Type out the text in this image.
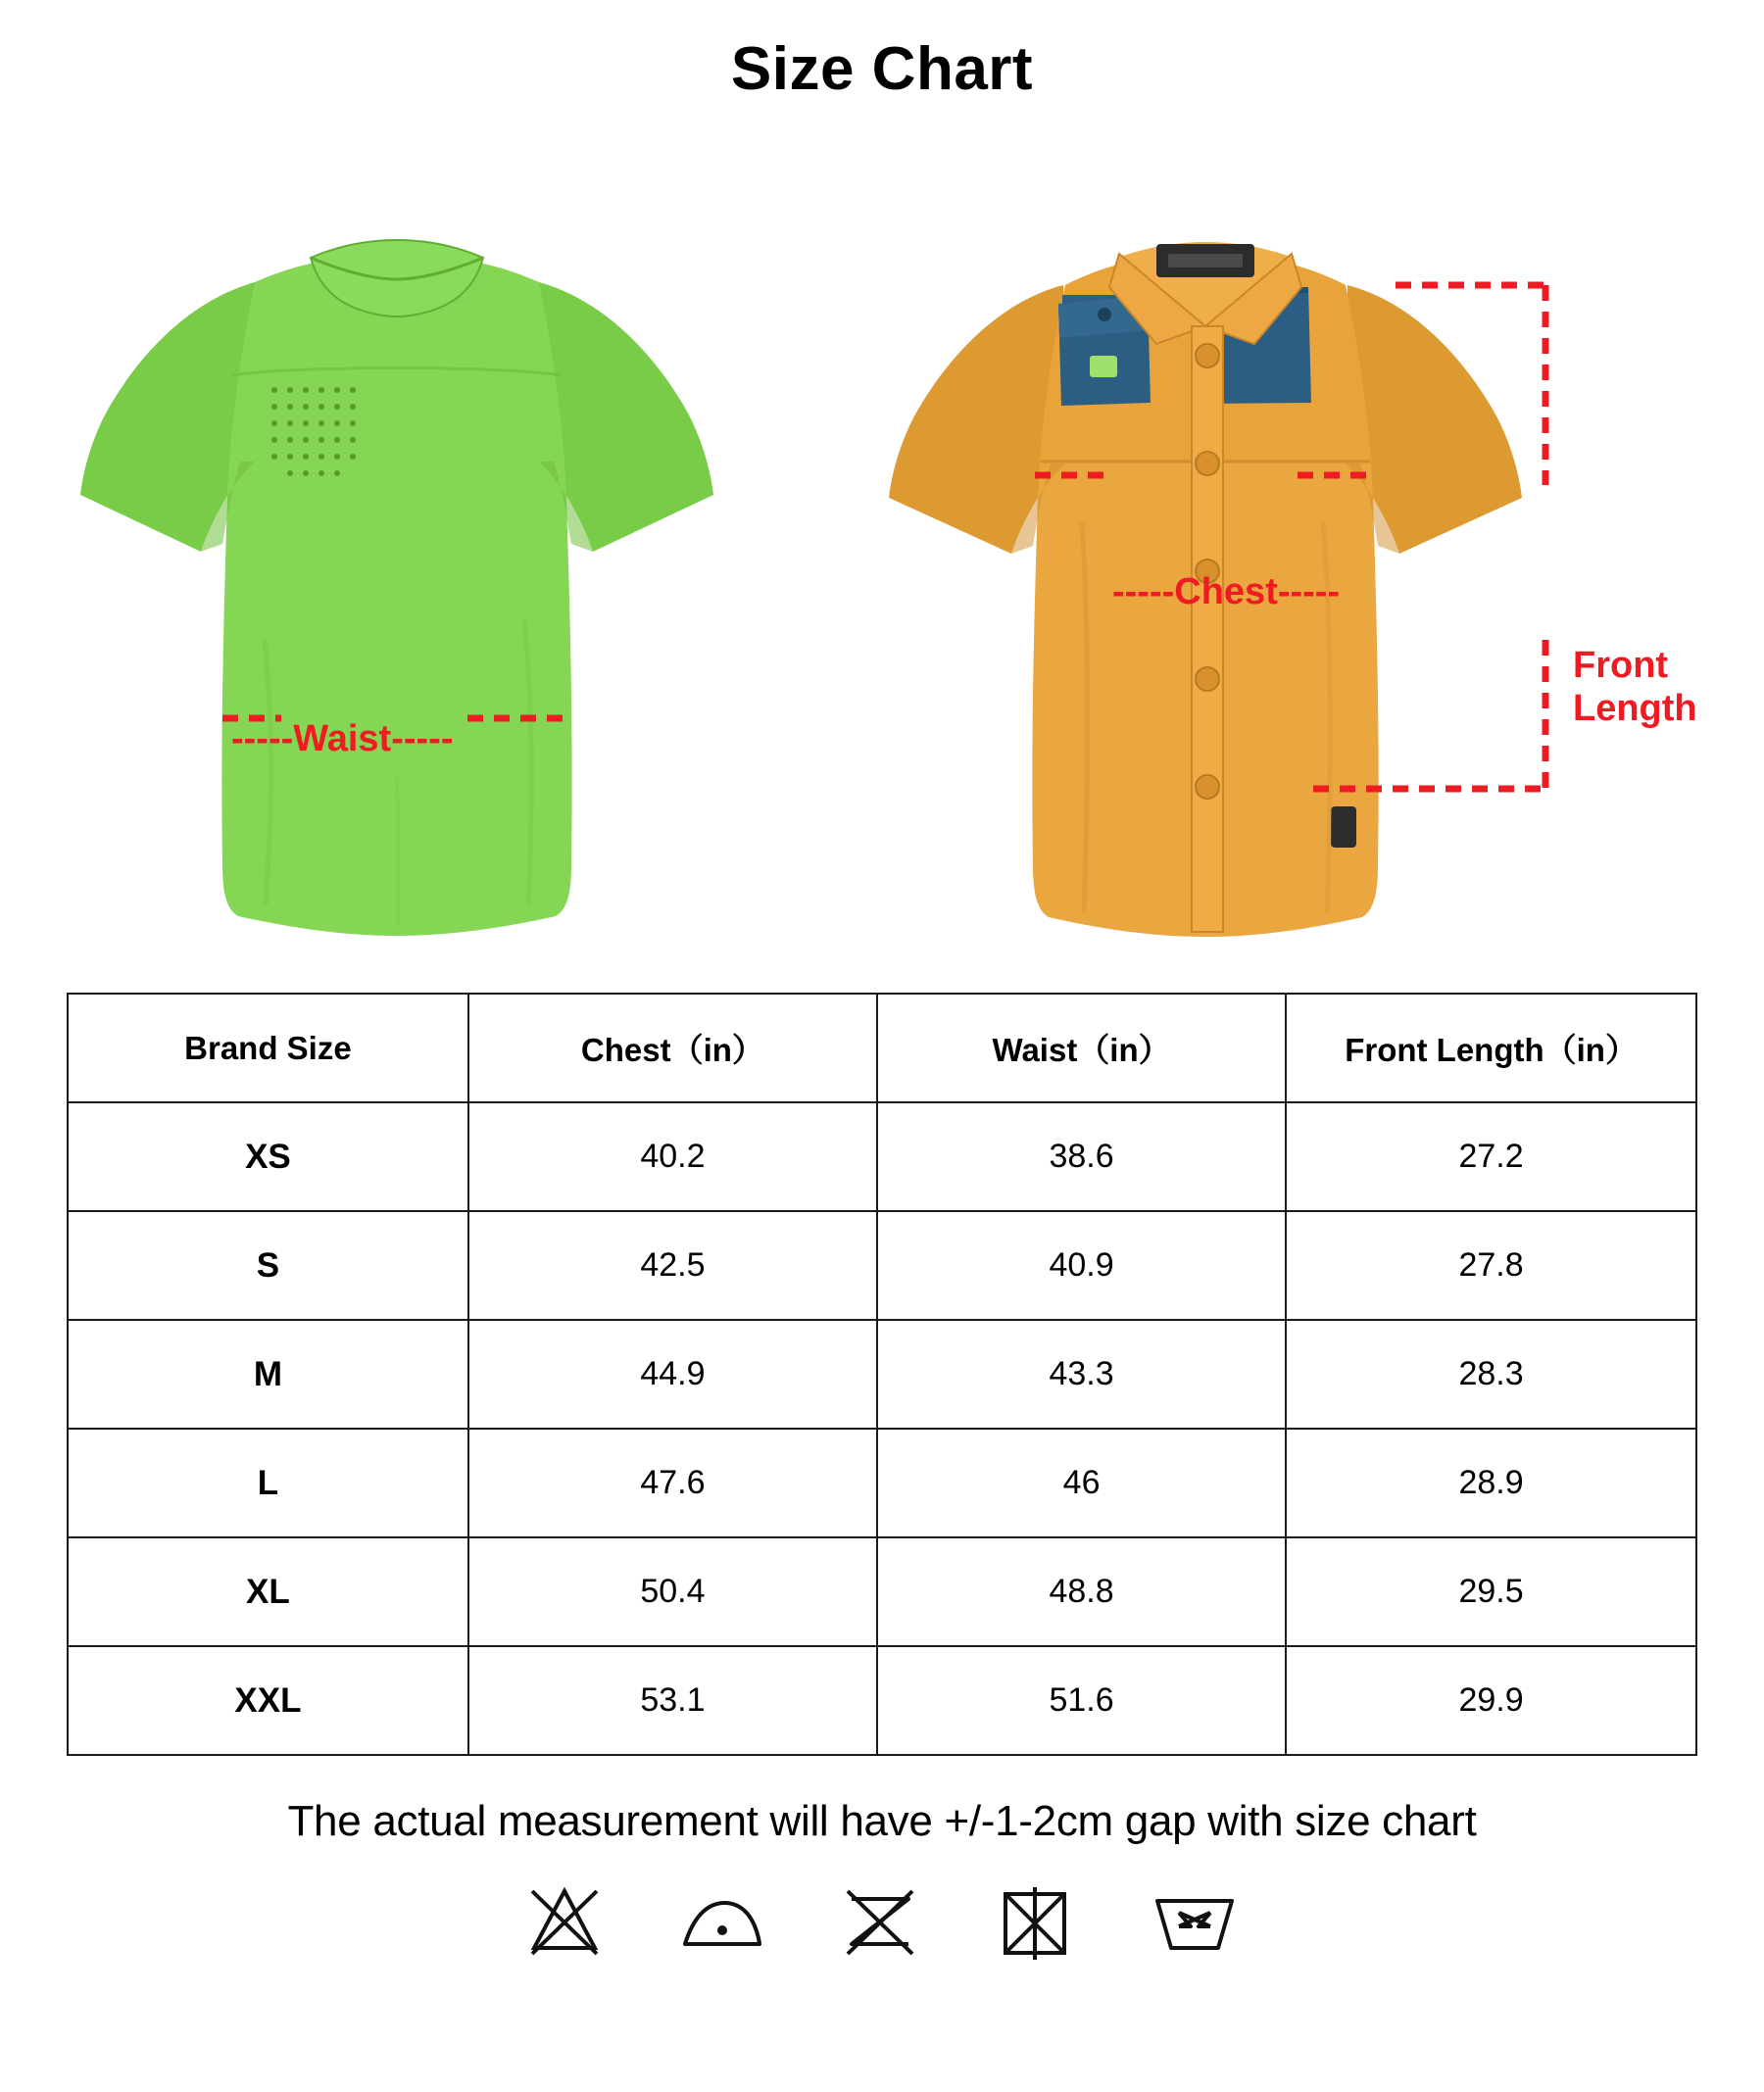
Size Chart
-----Waist-----
-----Chest-----
Front
Length
Brand Size	Chest（in）	Waist（in）	Front Length（in）
XS	40.2	38.6	27.2
S	42.5	40.9	27.8
M	44.9	43.3	28.3
L	47.6	46	28.9
XL	50.4	48.8	29.5
XXL	53.1	51.6	29.9
The actual measurement will have +/-1-2cm gap with size chart
